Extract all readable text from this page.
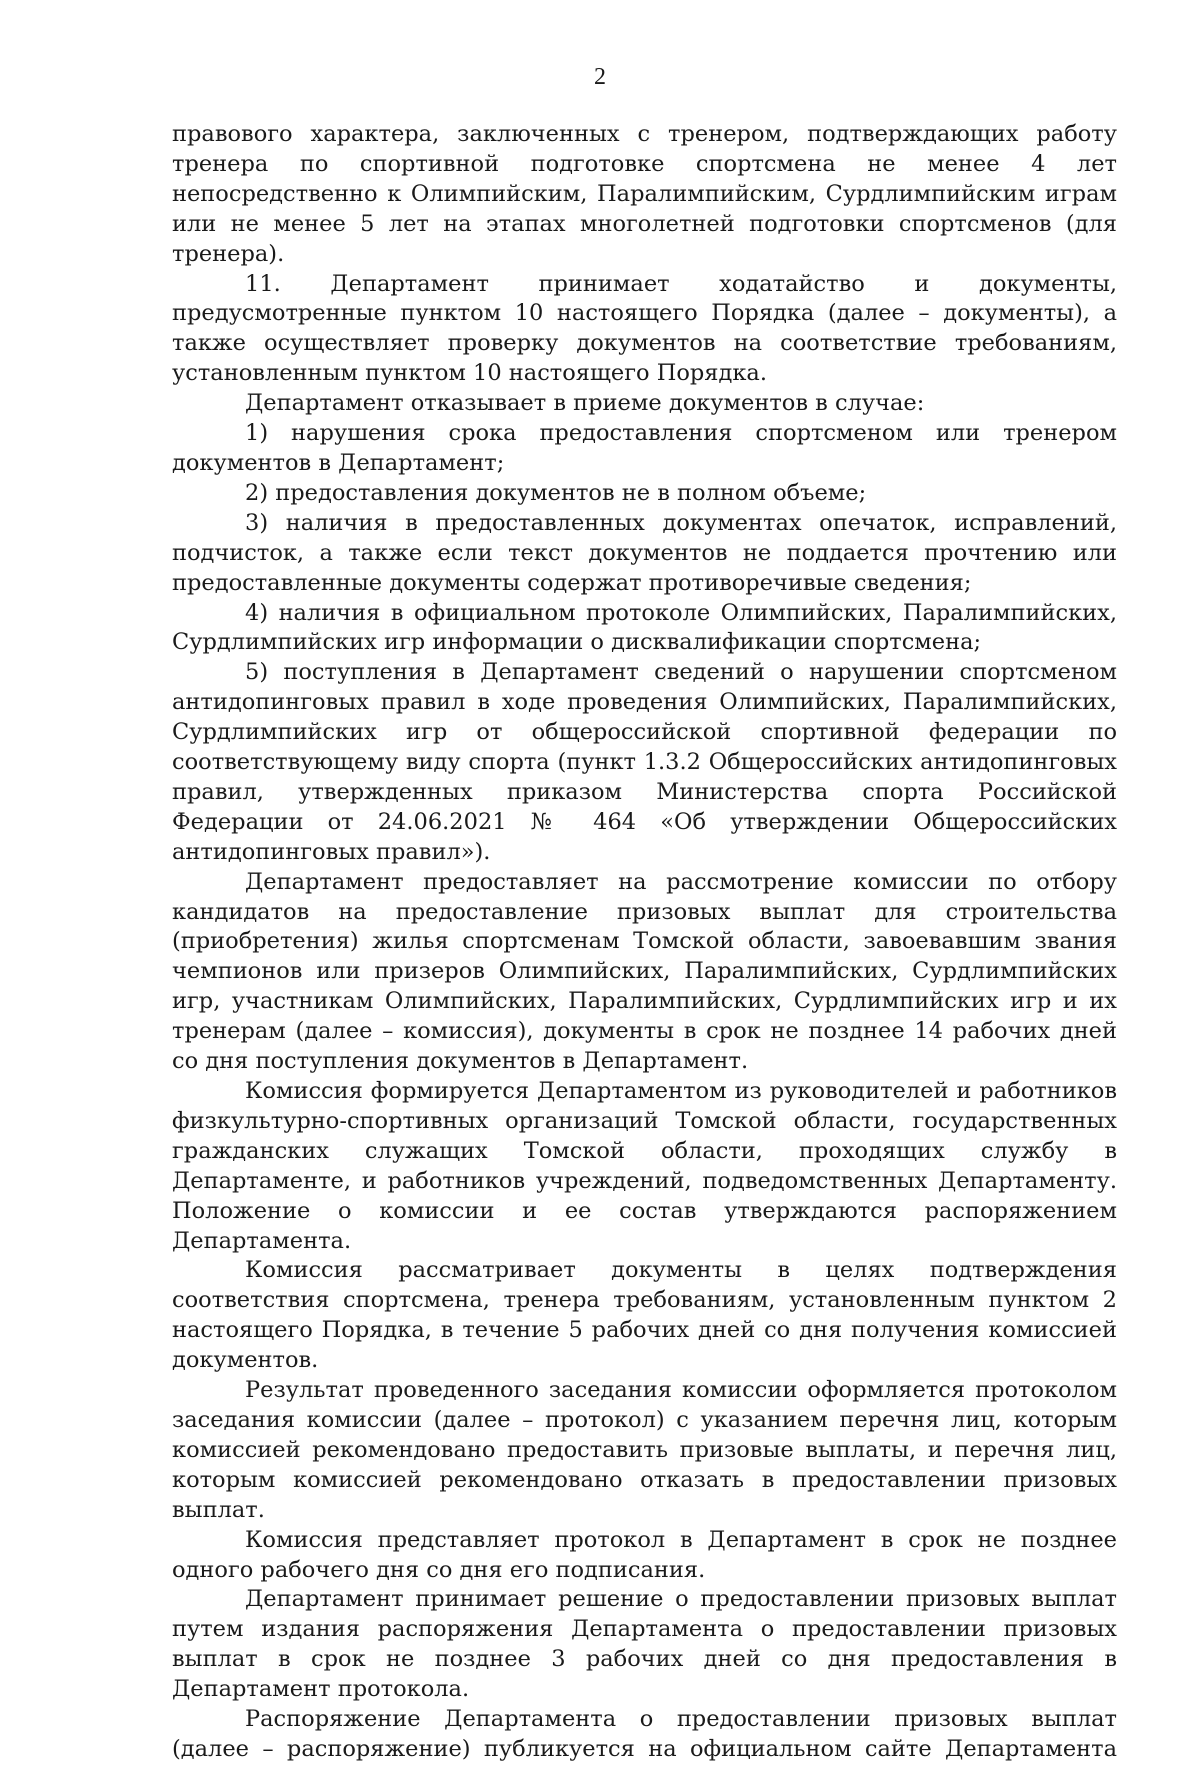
2

правового характера, заключенных с тренером, подтверждающих работу тренера по спортивной подготовке спортсмена не менее 4 лет непосредственно к Олимпийским, Паралимпийским, Сурдлимпийским играм или не менее 5 лет на этапах многолетней подготовки спортсменов (для тренера).

11. Департамент принимает ходатайство и документы, предусмотренные пунктом 10 настоящего Порядка (далее – документы), а также осуществляет проверку документов на соответствие требованиям, установленным пунктом 10 настоящего Порядка.

Департамент отказывает в приеме документов в случае:

1) нарушения срока предоставления спортсменом или тренером документов в Департамент;

2) предоставления документов не в полном объеме;

3) наличия в предоставленных документах опечаток, исправлений, подчисток, а также если текст документов не поддается прочтению или предоставленные документы содержат противоречивые сведения;

4) наличия в официальном протоколе Олимпийских, Паралимпийских, Сурдлимпийских игр информации о дисквалификации спортсмена;

5) поступления в Департамент сведений о нарушении спортсменом антидопинговых правил в ходе проведения Олимпийских, Паралимпийских, Сурдлимпийских игр от общероссийской спортивной федерации по соответствующему виду спорта (пункт 1.3.2 Общероссийских антидопинговых правил, утвержденных приказом Министерства спорта Российской Федерации от 24.06.2021 № 464 «Об утверждении Общероссийских антидопинговых правил»).

Департамент предоставляет на рассмотрение комиссии по отбору кандидатов на предоставление призовых выплат для строительства (приобретения) жилья спортсменам Томской области, завоевавшим звания чемпионов или призеров Олимпийских, Паралимпийских, Сурдлимпийских игр, участникам Олимпийских, Паралимпийских, Сурдлимпийских игр и их тренерам (далее – комиссия), документы в срок не позднее 14 рабочих дней со дня поступления документов в Департамент.

Комиссия формируется Департаментом из руководителей и работников физкультурно-спортивных организаций Томской области, государственных гражданских служащих Томской области, проходящих службу в Департаменте, и работников учреждений, подведомственных Департаменту. Положение о комиссии и ее состав утверждаются распоряжением Департамента.

Комиссия рассматривает документы в целях подтверждения соответствия спортсмена, тренера требованиям, установленным пунктом 2 настоящего Порядка, в течение 5 рабочих дней со дня получения комиссией документов.

Результат проведенного заседания комиссии оформляется протоколом заседания комиссии (далее – протокол) с указанием перечня лиц, которым комиссией рекомендовано предоставить призовые выплаты, и перечня лиц, которым комиссией рекомендовано отказать в предоставлении призовых выплат.

Комиссия представляет протокол в Департамент в срок не позднее одного рабочего дня со дня его подписания.

Департамент принимает решение о предоставлении призовых выплат путем издания распоряжения Департамента о предоставлении призовых выплат в срок не позднее 3 рабочих дней со дня предоставления в Департамент протокола.

Распоряжение Департамента о предоставлении призовых выплат (далее – распоряжение) публикуется на официальном сайте Департамента
